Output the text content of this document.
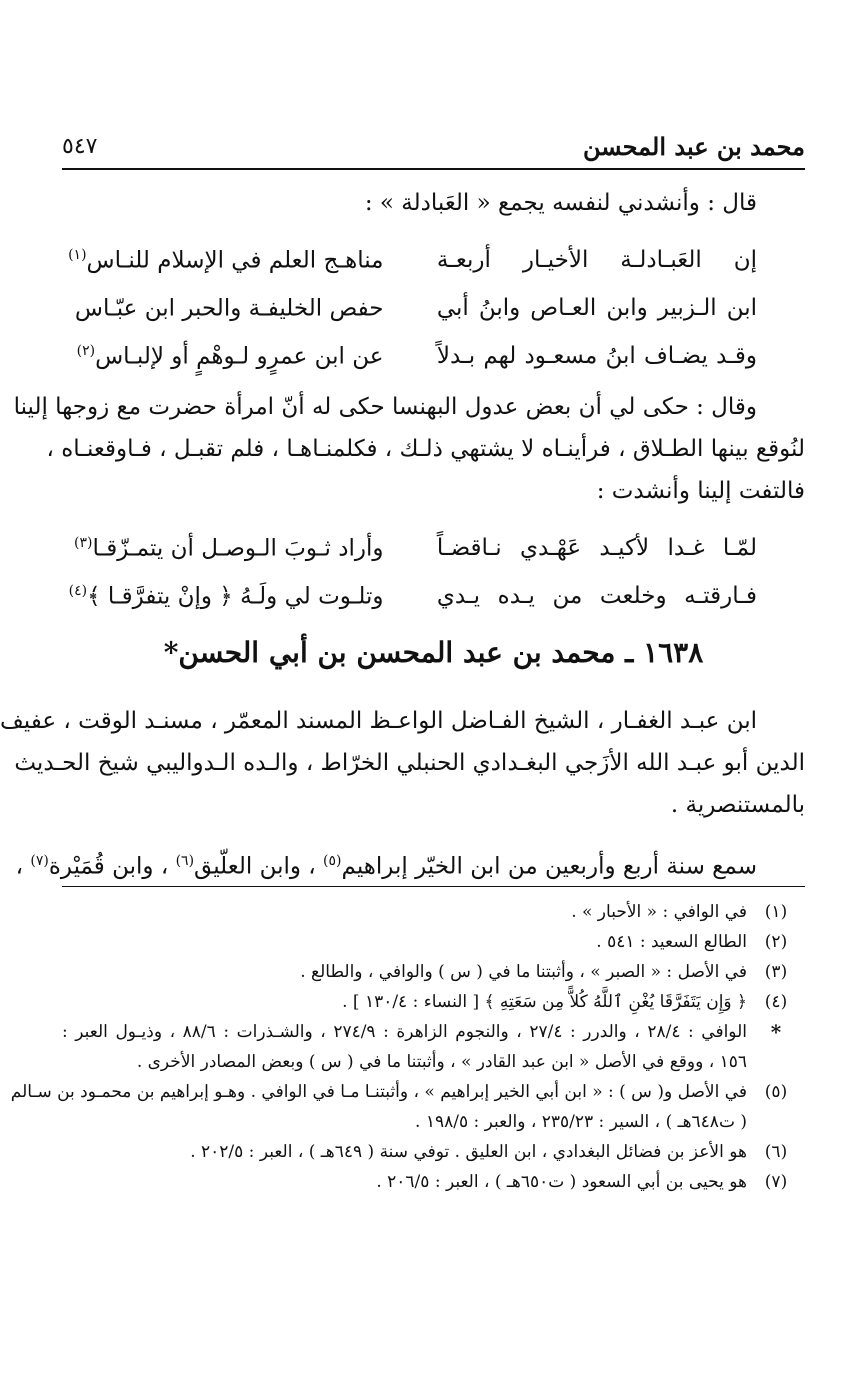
محمد بن عبد المحسن
٥٤٧
قال : وأنشدني لنفسه يجمع « العَبادلة » :
إن العَبـادلـة الأخيـار أربعـة
مناهـج العلم في الإسلام للنـاس$^{(١)}$
ابن الـزبير وابن العـاص وابنُ أبي
حفص الخليفـة والحبر ابن عبّـاس
وقـد يضـاف ابنُ مسعـود لهم بـدلاً
عن ابن عمرٍو لـوهْمٍ أو لإلبـاس$^{(٢)}$
وقال : حكى لي أن بعض عدول البهنسا حكى له أنّ امرأة حضرت مع زوجها إلينا
لنُوقع بينها الطـلاق ، فرأينـاه لا يشتهي ذلـك ، فكلمنـاهـا ، فلم تقبـل ، فـاوقعنـاه ،
فالتفت إلينا وأنشدت :
لمّـا غـدا لأكيـد عَهْـدي نـاقضـاً
وأراد ثـوبَ الـوصـل أن يتمـزّقـا$^{(٣)}$
فـارقتـه وخلعت من يـده يـدي
وتلـوت لي ولَـهُ ﴿ وإنْ يتفرَّقـا ﴾$^{(٤)}$
١٦٣٨ ـ محمد بن عبد المحسن بن أبي الحسن*
ابن عبـد الغفـار ، الشيخ الفـاضل الواعـظ المسند المعمّر ، مسنـد الوقت ، عفيف
الدين أبو عبـد الله الأزَجي البغـدادي الحنبلي الخرّاط ، والـده الـدواليبي شيخ الحـديث
بالمستنصرية .
سمع سنة أربع وأربعين من ابن الخيّر إبراهيم$^{(٥)}$ ، وابن العلّيق$^{(٦)}$ ، وابن قُمَيْرة$^{(٧)}$ ،
(١)
في الوافي : « الأحبار » .
(٢)
الطالع السعيد : ٥٤١ .
(٣)
في الأصل : « الصبر » ، وأثبتنا ما في ( س ) والوافي ، والطالع .
(٤)
﴿ وَإِن يَتَفَرَّقَا يُغْنِ ٱللَّهُ كُلاًّ مِن سَعَتِهِ ﴾ [ النساء : ١٣٠/٤ ] .
*
الوافي : ٢٨/٤ ، والدرر : ٢٧/٤ ، والنجوم الزاهرة : ٢٧٤/٩ ، والشـذرات : ٨٨/٦ ، وذيـول العبر :
١٥٦ ، ووقع في الأصل « ابن عبد القادر » ، وأثبتنا ما في ( س ) وبعض المصادر الأخرى .
(٥)
في الأصل و( س ) : « ابن أبي الخير إبراهيم » ، وأثبتنـا مـا في الوافي . وهـو إبراهيم بن محمـود بن سـالم
( ت٦٤٨هـ ) ، السير : ٢٣٥/٢٣ ، والعبر : ١٩٨/٥ .
(٦)
هو الأعز بن فضائل البغدادي ، ابن العليق . توفي سنة ( ٦٤٩هـ ) ، العبر : ٢٠٢/٥ .
(٧)
هو يحيى بن أبي السعود ( ت٦٥٠هـ ) ، العبر : ٢٠٦/٥ .
